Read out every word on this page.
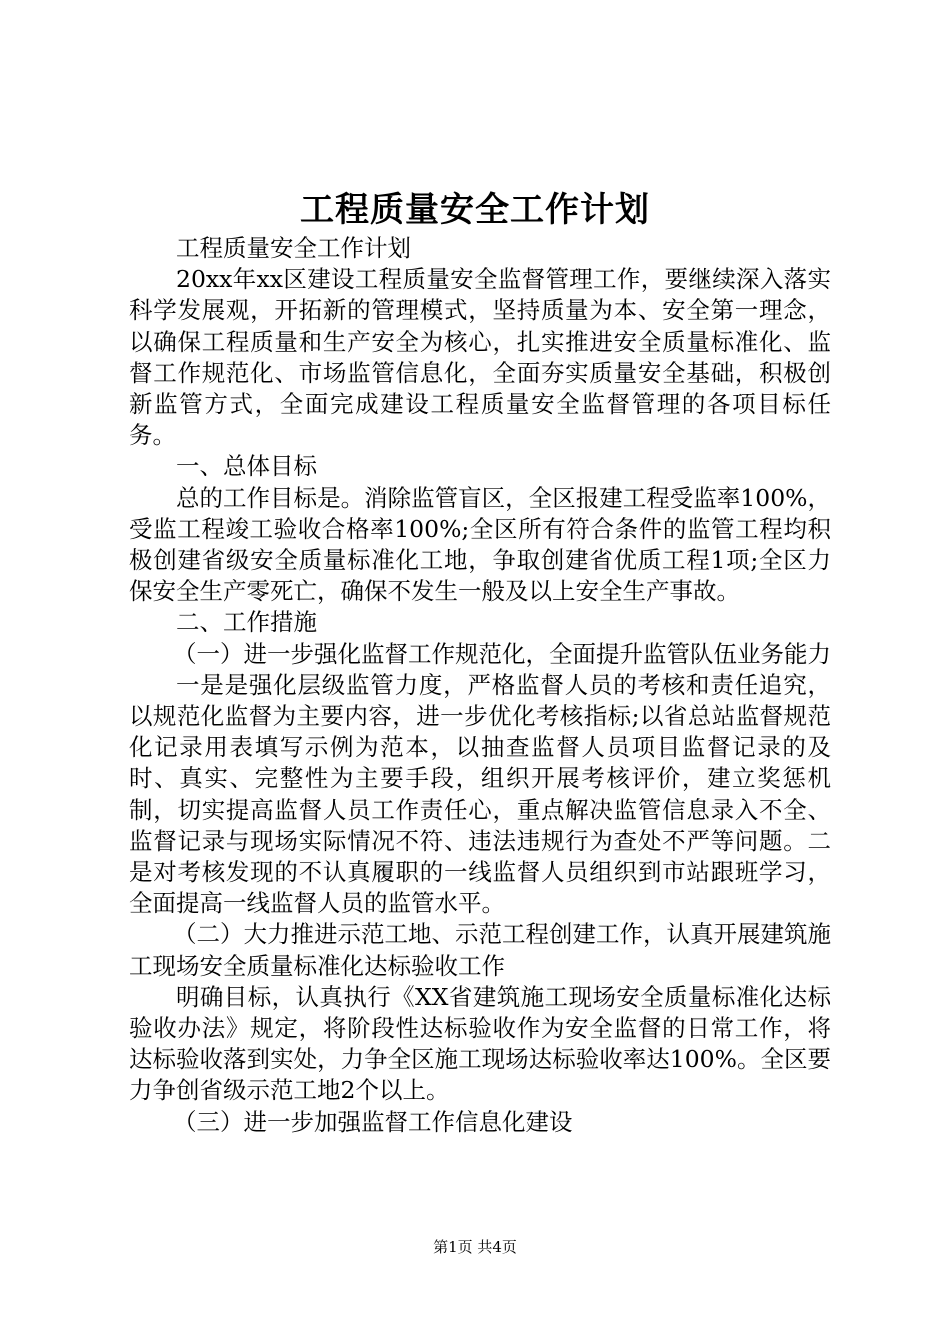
工程质量安全工作计划

工程质量安全工作计划

20xx年xx区建设工程质量安全监督管理工作，要继续深入落实科学发展观，开拓新的管理模式，坚持质量为本、安全第一理念，以确保工程质量和生产安全为核心，扎实推进安全质量标准化、监督工作规范化、市场监管信息化，全面夯实质量安全基础，积极创新监管方式，全面完成建设工程质量安全监督管理的各项目标任务。

一、总体目标

总的工作目标是。消除监管盲区，全区报建工程受监率100%，受监工程竣工验收合格率100%;全区所有符合条件的监管工程均积极创建省级安全质量标准化工地，争取创建省优质工程1项;全区力保安全生产零死亡，确保不发生一般及以上安全生产事故。

二、工作措施

（一）进一步强化监督工作规范化，全面提升监管队伍业务能力

一是是强化层级监管力度，严格监督人员的考核和责任追究，以规范化监督为主要内容，进一步优化考核指标;以省总站监督规范化记录用表填写示例为范本，以抽查监督人员项目监督记录的及时、真实、完整性为主要手段，组织开展考核评价，建立奖惩机制，切实提高监督人员工作责任心，重点解决监管信息录入不全、监督记录与现场实际情况不符、违法违规行为查处不严等问题。二是对考核发现的不认真履职的一线监督人员组织到市站跟班学习，全面提高一线监督人员的监管水平。

（二）大力推进示范工地、示范工程创建工作，认真开展建筑施工现场安全质量标准化达标验收工作

明确目标，认真执行《XX省建筑施工现场安全质量标准化达标验收办法》规定，将阶段性达标验收作为安全监督的日常工作，将达标验收落到实处，力争全区施工现场达标验收率达100%。全区要力争创省级示范工地2个以上。

（三）进一步加强监督工作信息化建设

第1页 共4页
